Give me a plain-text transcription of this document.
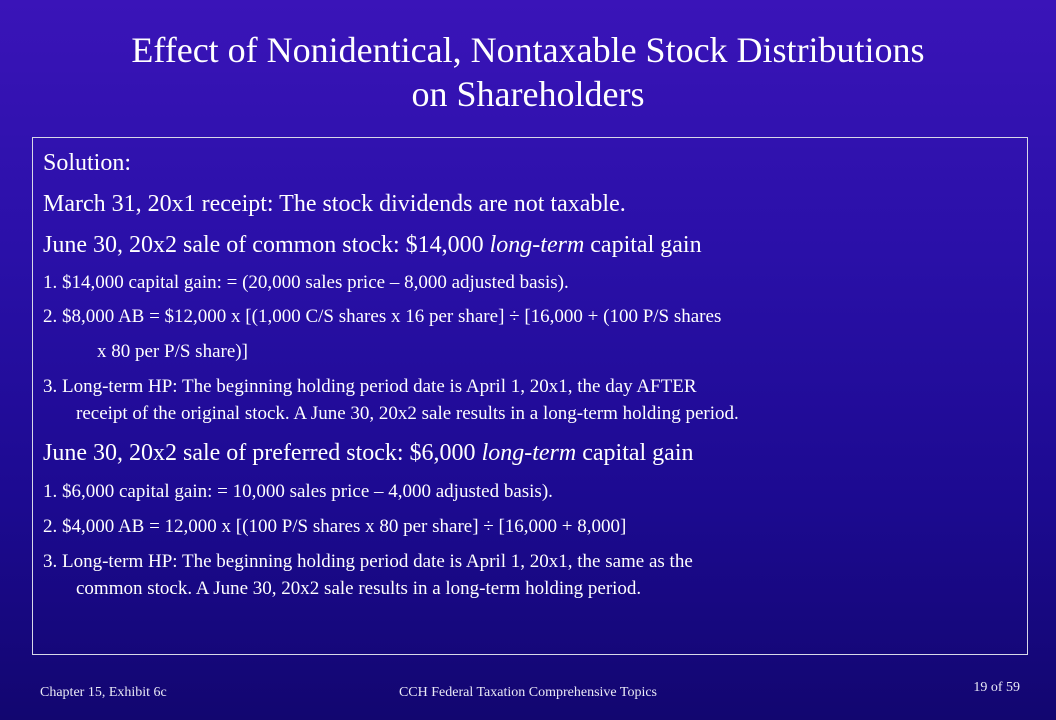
Effect of Nonidentical, Nontaxable Stock Distributions
on Shareholders
Solution:
March 31, 20x1 receipt: The stock dividends are not taxable.
June 30, 20x2 sale of common stock: $14,000 long-term capital gain
1. $14,000 capital gain: = (20,000 sales price – 8,000 adjusted basis).
2. $8,000 AB = $12,000 x [(1,000 C/S shares x 16 per share] ÷ [16,000 + (100 P/S shares
x 80 per P/S share)]
3. Long-term HP: The beginning holding period date is April 1, 20x1, the day AFTER
receipt of the original stock. A June 30, 20x2 sale results in a long-term holding period.
June 30, 20x2 sale of preferred stock: $6,000 long-term capital gain
1. $6,000 capital gain: = 10,000 sales price – 4,000 adjusted basis).
2. $4,000 AB = 12,000 x [(100 P/S shares x 80 per share] ÷ [16,000 + 8,000]
3. Long-term HP: The beginning holding period date is April 1, 20x1, the same as the
common stock. A June 30, 20x2 sale results in a long-term holding period.
Chapter 15, Exhibit 6c	CCH Federal Taxation Comprehensive Topics	19 of 59
